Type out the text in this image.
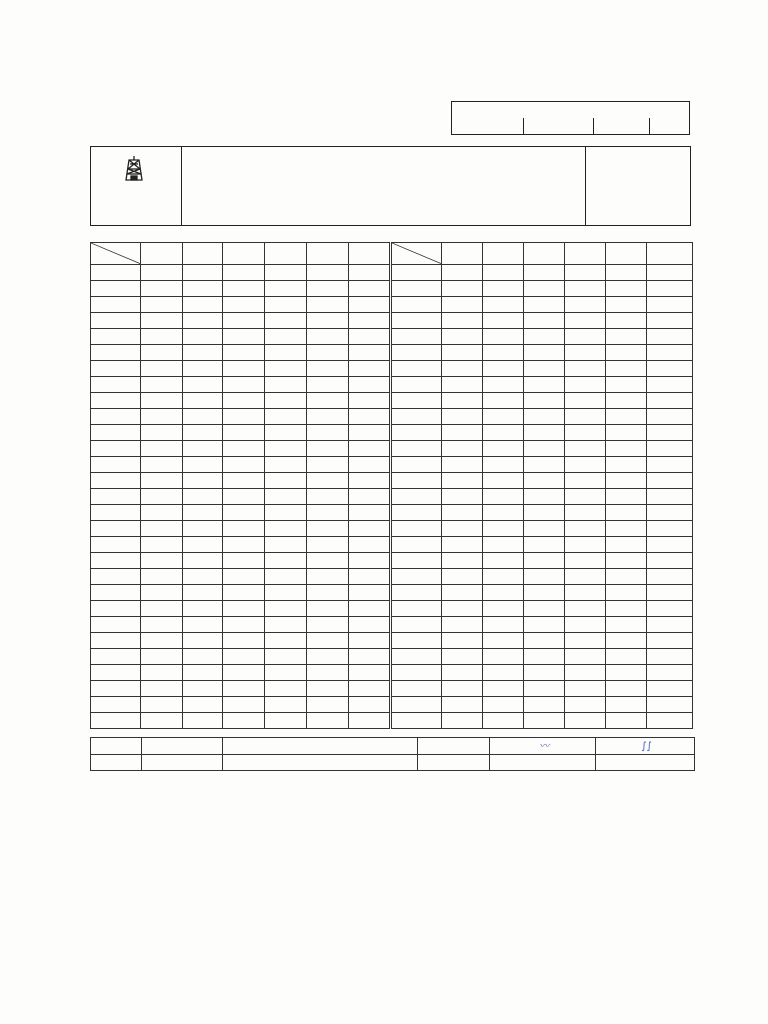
				〰	∫∫
